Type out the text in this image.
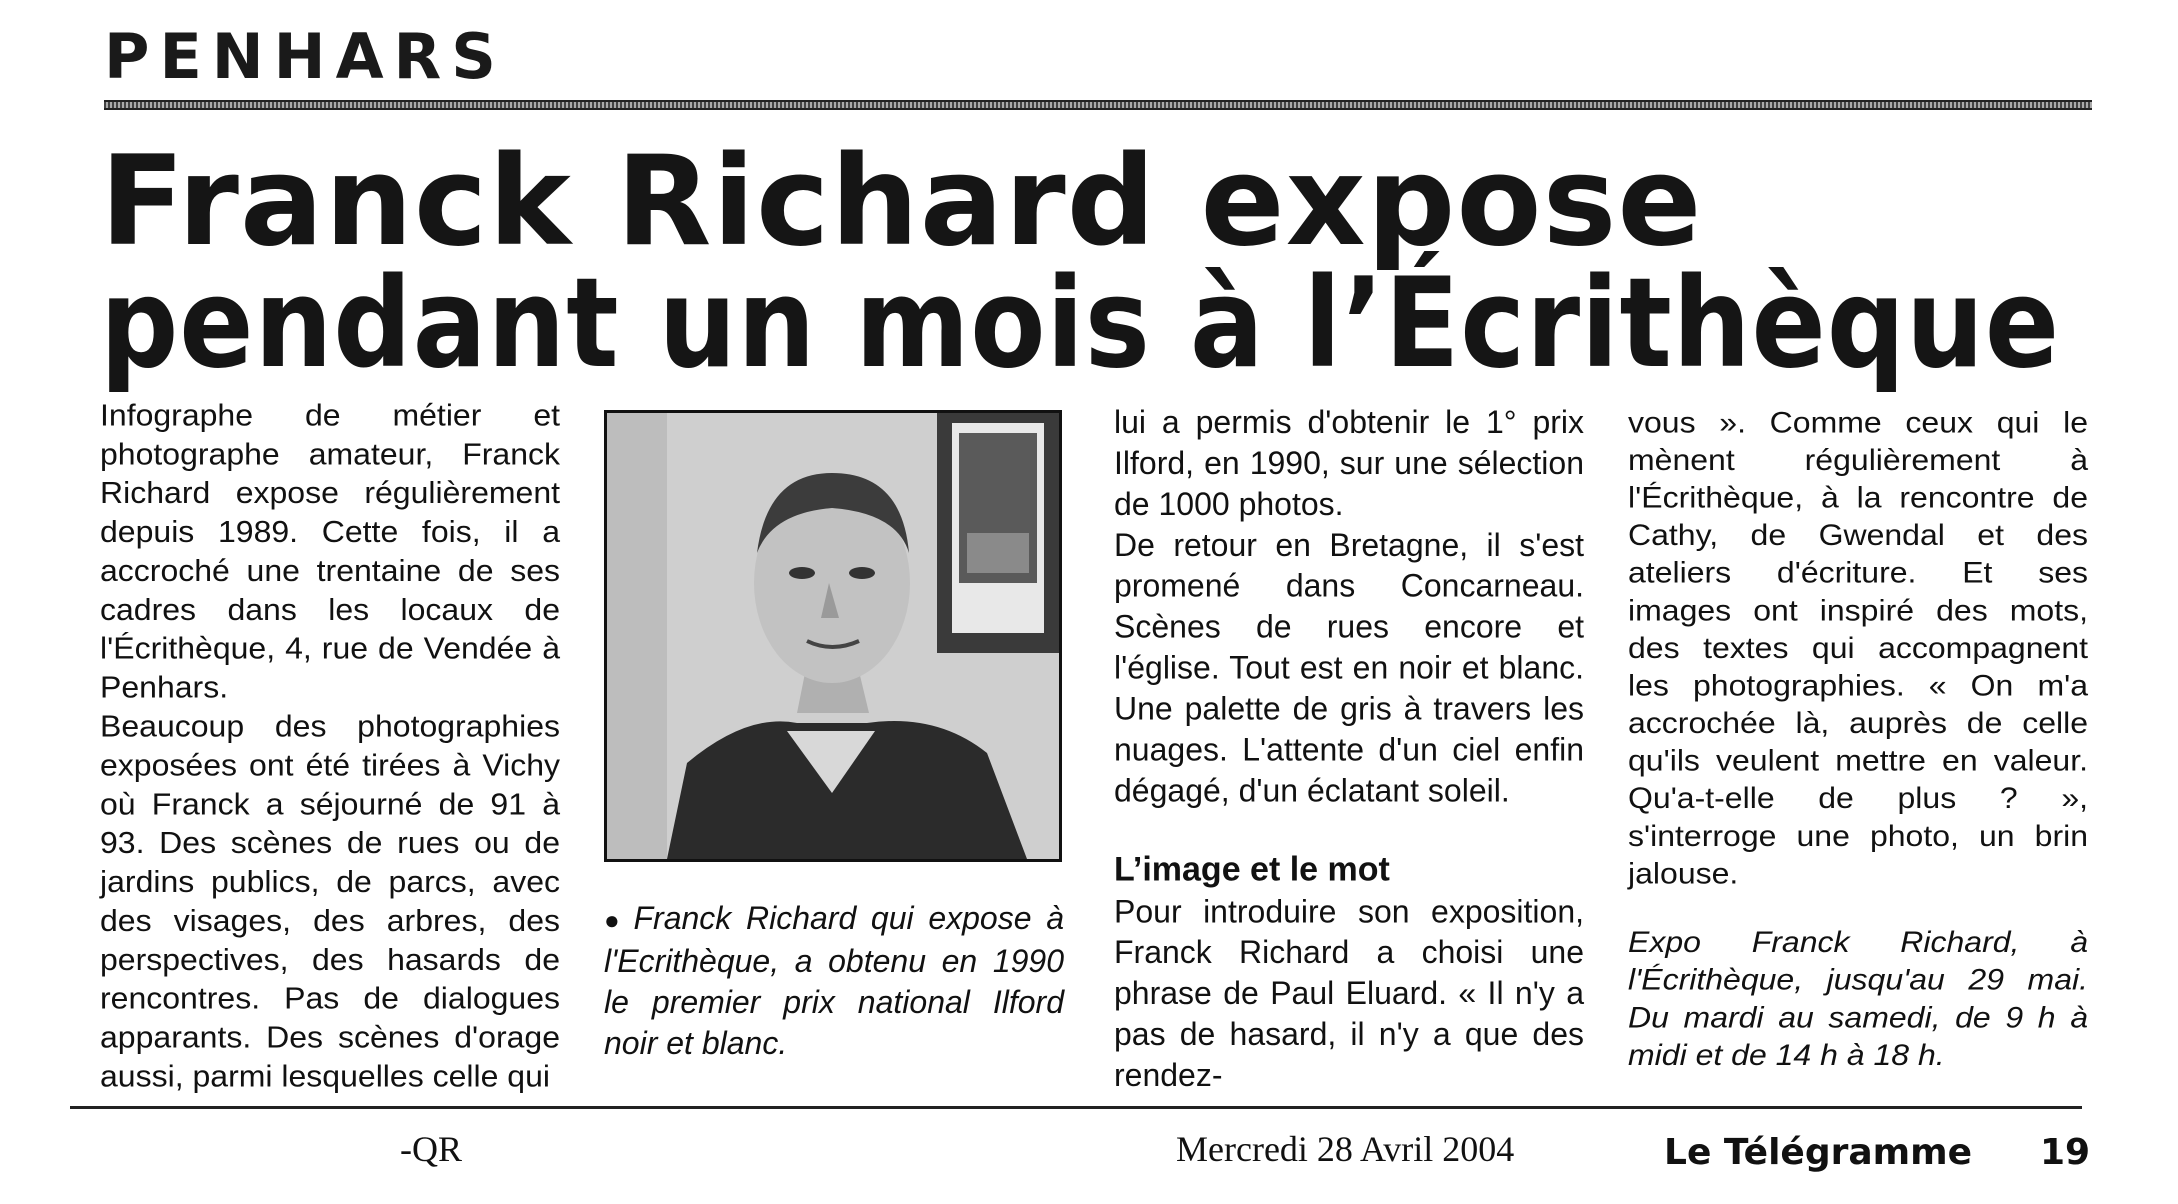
PENHARS
Franck Richard expose
pendant un mois à l’Écrithèque

Infographe de métier et photographe amateur, Franck Richard expose régulièrement depuis 1989. Cette fois, il a accroché une trentaine de ses cadres dans les locaux de l'Écrithèque, 4, rue de Vendée à Penhars.

Beaucoup des photographies exposées ont été tirées à Vichy où Franck a séjourné de 91 à 93. Des scènes de rues ou de jardins publics, de parcs, avec des visages, des arbres, des perspectives, des hasards de rencontres. Pas de dialogues apparants. Des scènes d'orage aussi, parmi lesquelles celle qui

● Franck Richard qui expose à l'Ecrithèque, a obtenu en 1990 le premier prix national Ilford noir et blanc.

lui a permis d'obtenir le 1° prix Ilford, en 1990, sur une sélection de 1000 photos.

De retour en Bretagne, il s'est promené dans Concarneau. Scènes de rues encore et l'église. Tout est en noir et blanc. Une palette de gris à travers les nuages. L'attente d'un ciel enfin dégagé, d'un éclatant soleil.

L’image et le mot

Pour introduire son exposition, Franck Richard a choisi une phrase de Paul Eluard. « Il n'y a pas de hasard, il n'y a que des rendez-

vous ». Comme ceux qui le mènent régulièrement à l'Écrithèque, à la rencontre de Cathy, de Gwendal et des ateliers d'écriture. Et ses images ont inspiré des mots, des textes qui accompagnent les photographies. « On m'a accrochée là, auprès de celle qu'ils veulent mettre en valeur. Qu'a-t-elle de plus ? », s'interroge une photo, un brin jalouse.

Expo Franck Richard, à l'Écrithèque, jusqu'au 29 mai. Du mardi au samedi, de 9 h à midi et de 14 h à 18 h.

-QR	Mercredi 28 Avril 2004	Le Télégramme 19
